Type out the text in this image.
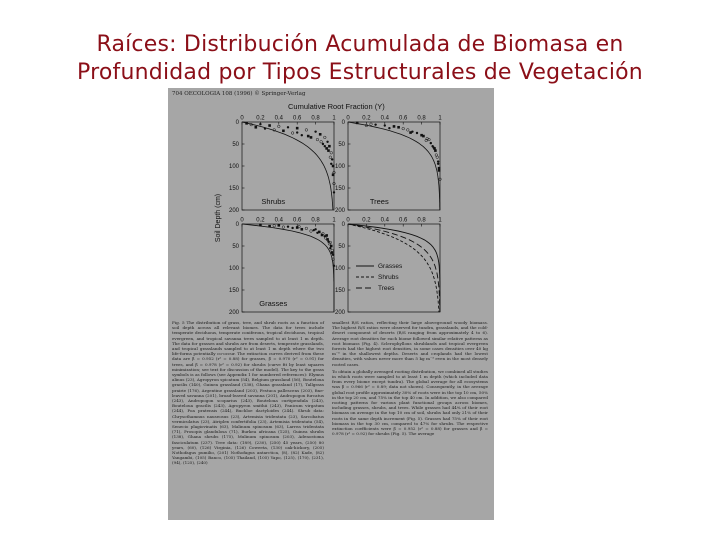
Raíces: Distribución Acumulada de Biomasa en
Profundidad por Tipos Estructurales de Vegetación
704 OECOLOGIA 108 (1996) © Springer-Verlag
Cumulative Root Fraction (Y)
Soil Depth (cm)
0 0.2 0.4 0.6 0.8 1
0
50
100
150
200
Shrubs
0 0.2 0.4 0.6 0.8 1
0
50
100
150
200
Trees
0 0.2 0.4 0.6 0.8 1
0
50
100
150
200
Grasses
0 0.2 0.4 0.6 0.8 1
0
50
100
150
200
Grasses
Shrubs
Trees
Fig. 5 The distribution of grass, tree, and shrub roots as a function of soil depth across all relevant biomes. The data for trees include temperate deciduous, temperate coniferous, tropical deciduous, tropical evergreen, and tropical savanna trees sampled to at least 1 m depth. The data for grasses and shrubs are from deserts, temperate grasslands, and tropical grasslands sampled to at least 1 m depth where the two life-forms potentially co-occur. The extinction curves derived from these data are β = 0.952 (r² = 0.88) for grasses, β = 0.970 (r² = 0.91) for trees, and β = 0.978 (r² = 0.92) for shrubs (curve fit by least squares minimization; see text for discussion of the model). The key to the grass symbols is as follows (see Appendix 1 for numbered references): Elymus alinus (23), Agropyron spicatum (54), Belgium grassland (56), Bouteloua gracilis (140), Guinea grassland (138), Ghana grassland (17), Tallgrass prairie (176), Argentine grassland (203), Festuca pallescens (203), fine-leaved savanna (201), broad-leaved savanna (201), Andropogon furcatus (243), Andropogon scoparius (243), Bouteloua curtipendula (243), Bouteloua gracilis (243), Agropyron smithii (243), Panicum virgatum (244), Poa pratensis (244), Buchloe dactyloides (244). Shrub data: Chrysothamnus nauseosus (23), Artemisia tridentata (23), Sarcobatus vermiculatus (23), Atriplex confertifolia (23), Artemisia tridentata (54), Senecio plagiovinatis (63), Malinum spinosum (63), Larrea tridentata (71), Prosopis glandulosa (71), Burkea africana (125), Guinea shrubs (138), Ghana shrubs (175), Mulinum spinosum (203), Adenostoma fasciculatum (237). Tree data: (189), (230), (250) 45 years, (250) 80 years, (60), (126) Virginia, (126) Coweeta, (130) oak-hickory, (205) Nothofagus pumilio, (201) Nothofagus antarctica, (8), (82) Kade, (82) Yangambi, (105) Banco, (105) Thailand, (105) Yapo, (125), (170), (231), (94), (125), (240)

smallest R/S ratios, reflecting their large aboveground woody biomass. The highest R/S ratios were observed for tundra, grasslands, and the cold-desert component of deserts (R/S ranging from approximately 4 to 6). Average root densities for each biome followed similar relative patterns as root biomass (Fig. 4). Sclerophyllous shrublands and tropical evergreen forests had the highest root densities, in some cases densities over 40 kg m⁻³ in the shallowest depths. Deserts and croplands had the lowest densities, with values never more than 5 kg m⁻³ even in the most densely rooted cases.

To obtain a globally averaged rooting distribution, we combined all studies in which roots were sampled to at least 1 m depth (which included data from every biome except tundra). The global average for all ecosystems was β = 0.966 (r² = 0.89; data not shown). Consequently, in the average global root profile approximately 30% of roots were in the top 10 cm, 50% in the top 20 cm, and 75% in the top 40 cm. In addition, we also compared rooting patterns for various plant functional groups across biomes, including grasses, shrubs, and trees. While grasses had 44% of their root biomass on average in the top 10 cm of soil, shrubs had only 21% of their roots in the same depth increment (Fig. 5). Grasses had 75% of their root biomass in the top 30 cm, compared to 47% for shrubs. The respective extinction coefficients were β = 0.952 (r² = 0.88) for grasses and β = 0.978 (r² = 0.92) for shrubs (Fig. 5). The average
